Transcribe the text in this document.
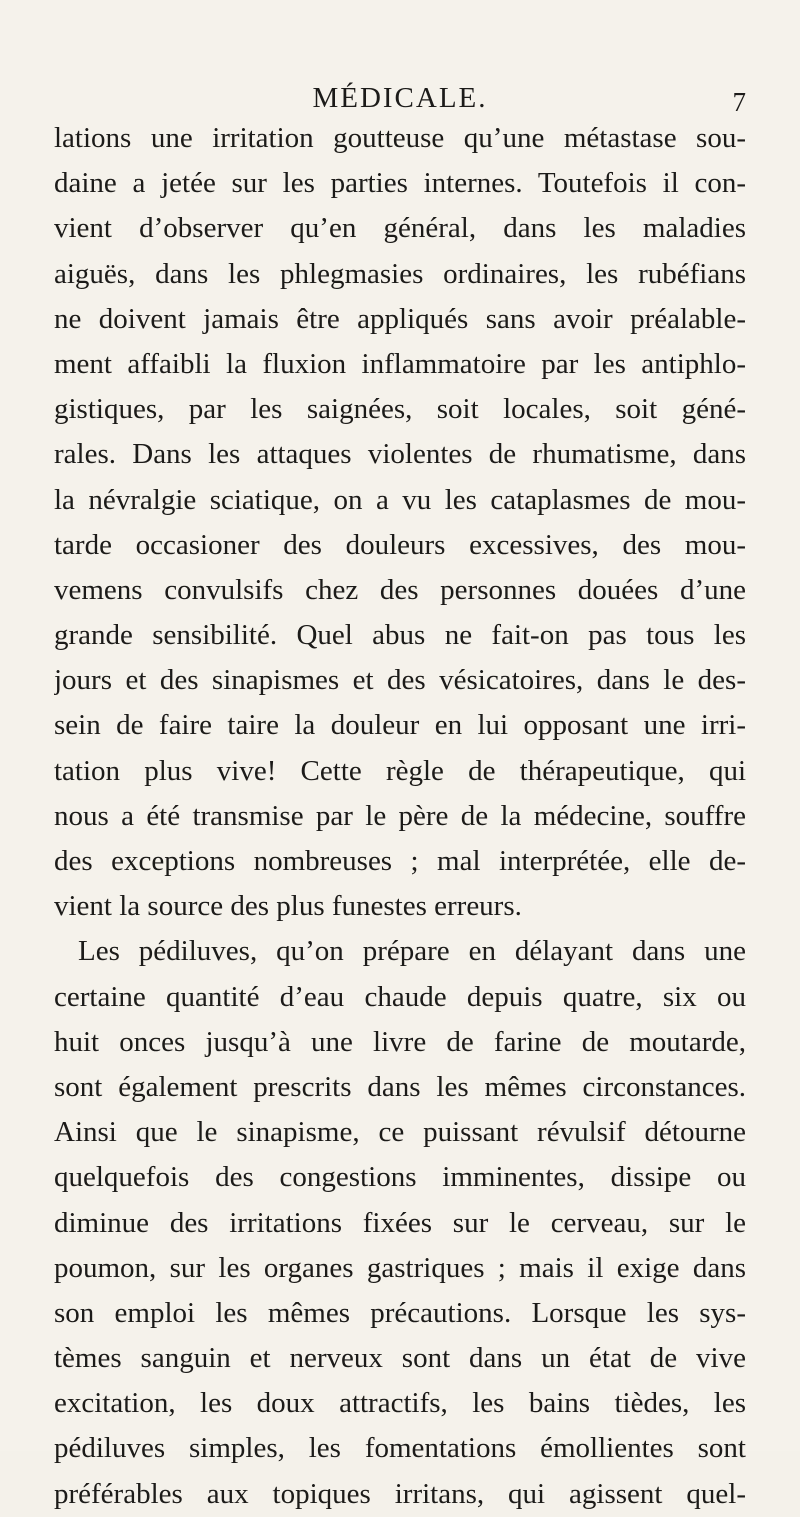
MÉDICALE.	7
lations une irritation goutteuse qu’une métastase sou-
daine a jetée sur les parties internes. Toutefois il con-
vient d’observer qu’en général, dans les maladies
aiguës, dans les phlegmasies ordinaires, les rubéfians
ne doivent jamais être appliqués sans avoir préalable-
ment affaibli la fluxion inflammatoire par les antiphlo-
gistiques, par les saignées, soit locales, soit géné-
rales. Dans les attaques violentes de rhumatisme, dans
la névralgie sciatique, on a vu les cataplasmes de mou-
tarde occasioner des douleurs excessives, des mou-
vemens convulsifs chez des personnes douées d’une
grande sensibilité. Quel abus ne fait-on pas tous les
jours et des sinapismes et des vésicatoires, dans le des-
sein de faire taire la douleur en lui opposant une irri-
tation plus vive! Cette règle de thérapeutique, qui
nous a été transmise par le père de la médecine, souffre
des exceptions nombreuses ; mal interprétée, elle de-
vient la source des plus funestes erreurs.
Les pédiluves, qu’on prépare en délayant dans une
certaine quantité d’eau chaude depuis quatre, six ou
huit onces jusqu’à une livre de farine de moutarde,
sont également prescrits dans les mêmes circonstances.
Ainsi que le sinapisme, ce puissant révulsif détourne
quelquefois des congestions imminentes, dissipe ou
diminue des irritations fixées sur le cerveau, sur le
poumon, sur les organes gastriques ; mais il exige dans
son emploi les mêmes précautions. Lorsque les sys-
tèmes sanguin et nerveux sont dans un état de vive
excitation, les doux attractifs, les bains tièdes, les
pédiluves simples, les fomentations émollientes sont
préférables aux topiques irritans, qui agissent quel-
